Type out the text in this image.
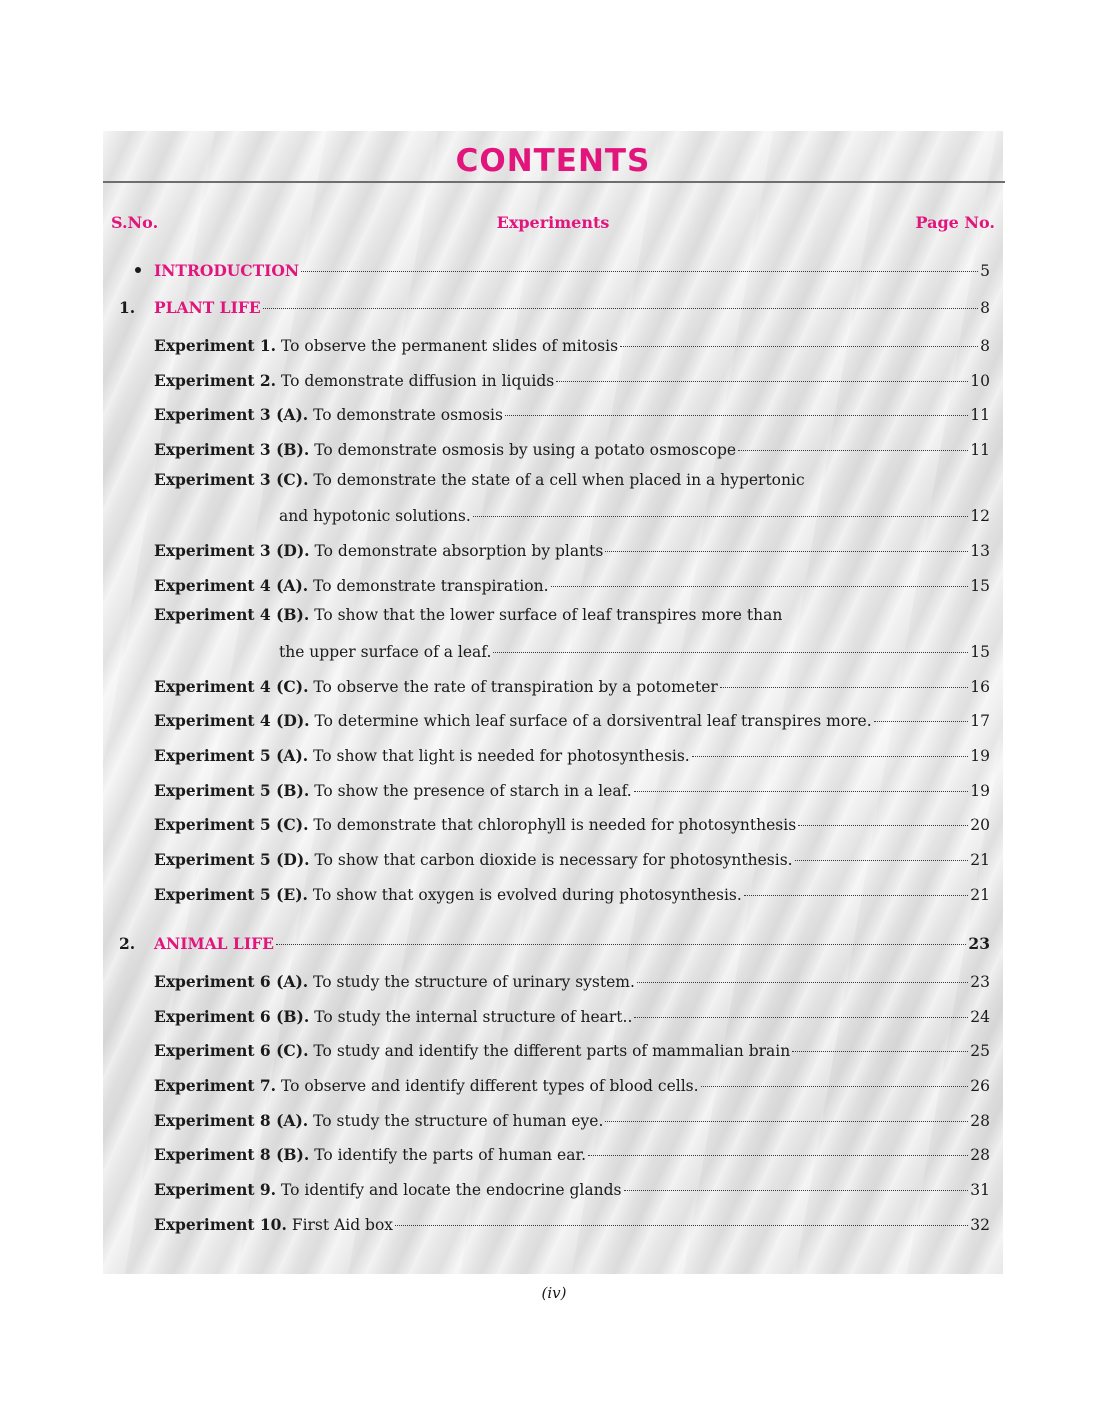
CONTENTS
S.No.	Experiments	Page No.
INTRODUCTION	5
1.	PLANT LIFE	8
Experiment 1. To observe the permanent slides of mitosis	8
Experiment 2. To demonstrate diffusion in liquids	10
Experiment 3 (A). To demonstrate osmosis	11
Experiment 3 (B). To demonstrate osmosis by using a potato osmoscope	11
Experiment 3 (C). To demonstrate the state of a cell when placed in a hypertonic
and hypotonic solutions.	12
Experiment 3 (D). To demonstrate absorption by plants	13
Experiment 4 (A). To demonstrate transpiration.	15
Experiment 4 (B). To show that the lower surface of leaf transpires more than
the upper surface of a leaf.	15
Experiment 4 (C). To observe the rate of transpiration by a potometer	16
Experiment 4 (D). To determine which leaf surface of a dorsiventral leaf transpires more.	17
Experiment 5 (A). To show that light is needed for photosynthesis.	19
Experiment 5 (B). To show the presence of starch in a leaf.	19
Experiment 5 (C). To demonstrate that chlorophyll is needed for photosynthesis	20
Experiment 5 (D). To show that carbon dioxide is necessary for photosynthesis.	21
Experiment 5 (E). To show that oxygen is evolved during photosynthesis.	21
2.	ANIMAL LIFE	23
Experiment 6 (A). To study the structure of urinary system.	23
Experiment 6 (B). To study the internal structure of heart..	24
Experiment 6 (C). To study and identify the different parts of mammalian brain	25
Experiment 7. To observe and identify different types of blood cells.	26
Experiment 8 (A). To study the structure of human eye.	28
Experiment 8 (B). To identify the parts of human ear.	28
Experiment 9. To identify and locate the endocrine glands	31
Experiment 10. First Aid box	32
(iv)
